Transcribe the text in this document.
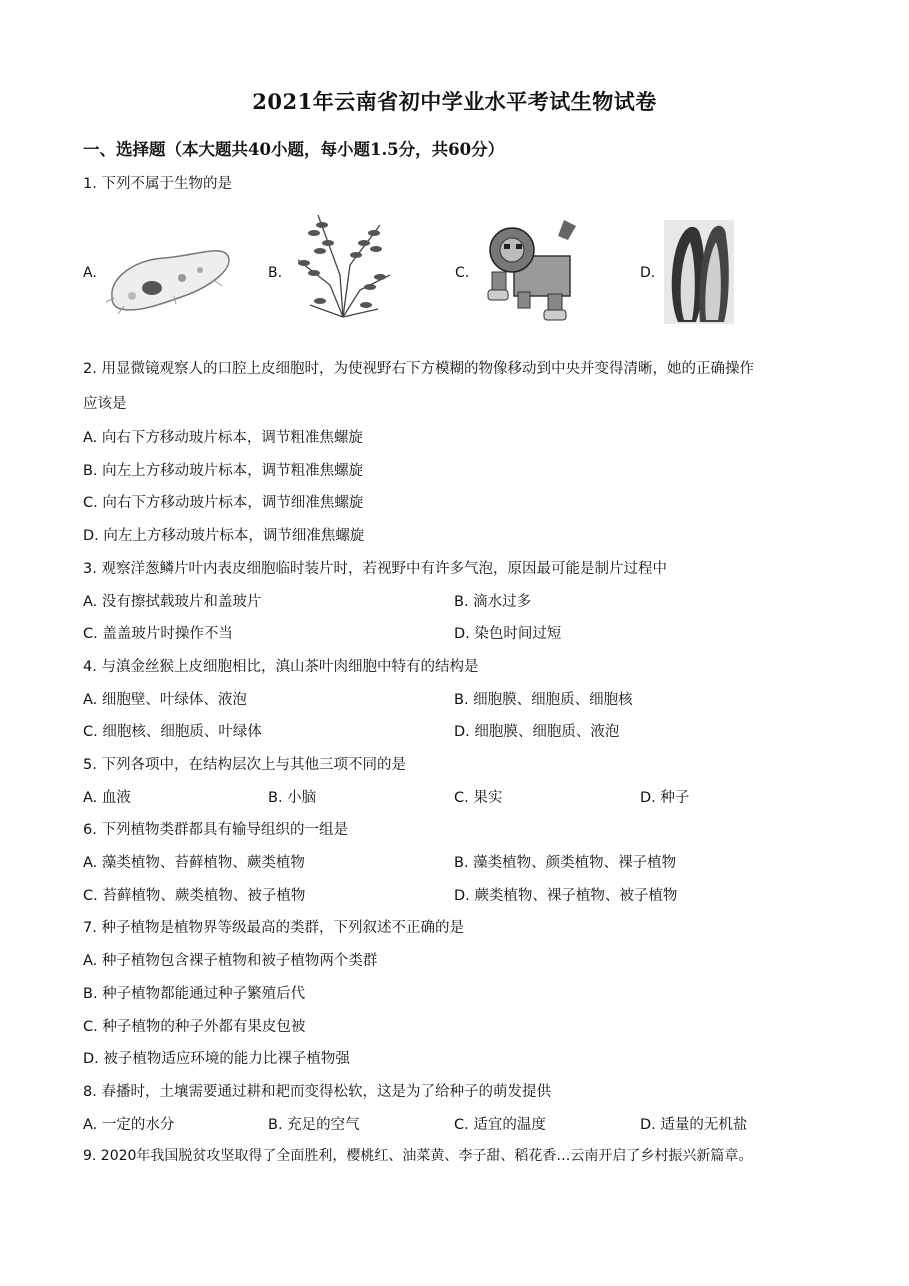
2021年云南省初中学业水平考试生物试卷
一、选择题（本大题共40小题，每小题1.5分，共60分）
1. 下列不属于生物的是
A.	B.	C.	D.
2. 用显微镜观察人的口腔上皮细胞时，为使视野右下方模糊的物像移动到中央并变得清晰，她的正确操作
应该是
A. 向右下方移动玻片标本，调节粗准焦螺旋
B. 向左上方移动玻片标本，调节粗准焦螺旋
C. 向右下方移动玻片标本，调节细准焦螺旋
D. 向左上方移动玻片标本，调节细准焦螺旋
3. 观察洋葱鳞片叶内表皮细胞临时装片时，若视野中有许多气泡，原因最可能是制片过程中
A. 没有擦拭载玻片和盖玻片	B. 滴水过多
C. 盖盖玻片时操作不当	D. 染色时间过短
4. 与滇金丝猴上皮细胞相比，滇山茶叶肉细胞中特有的结构是
A. 细胞壁、叶绿体、液泡	B. 细胞膜、细胞质、细胞核
C. 细胞核、细胞质、叶绿体	D. 细胞膜、细胞质、液泡
5. 下列各项中，在结构层次上与其他三项不同的是
A. 血液	B. 小脑	C. 果实	D. 种子
6. 下列植物类群都具有输导组织的一组是
A. 藻类植物、苔藓植物、蕨类植物	B. 藻类植物、颜类植物、裸子植物
C. 苔藓植物、蕨类植物、被子植物	D. 蕨类植物、裸子植物、被子植物
7. 种子植物是植物界等级最高的类群，下列叙述不正确的是
A. 种子植物包含裸子植物和被子植物两个类群
B. 种子植物都能通过种子繁殖后代
C. 种子植物的种子外都有果皮包被
D. 被子植物适应环境的能力比裸子植物强
8. 春播时，土壤需要通过耕和耙而变得松软，这是为了给种子的萌发提供
A. 一定的水分	B. 充足的空气	C. 适宜的温度	D. 适量的无机盐
9. 2020年我国脱贫攻坚取得了全面胜利，樱桃红、油菜黄、李子甜、稻花香…云南开启了乡村振兴新篇章。
